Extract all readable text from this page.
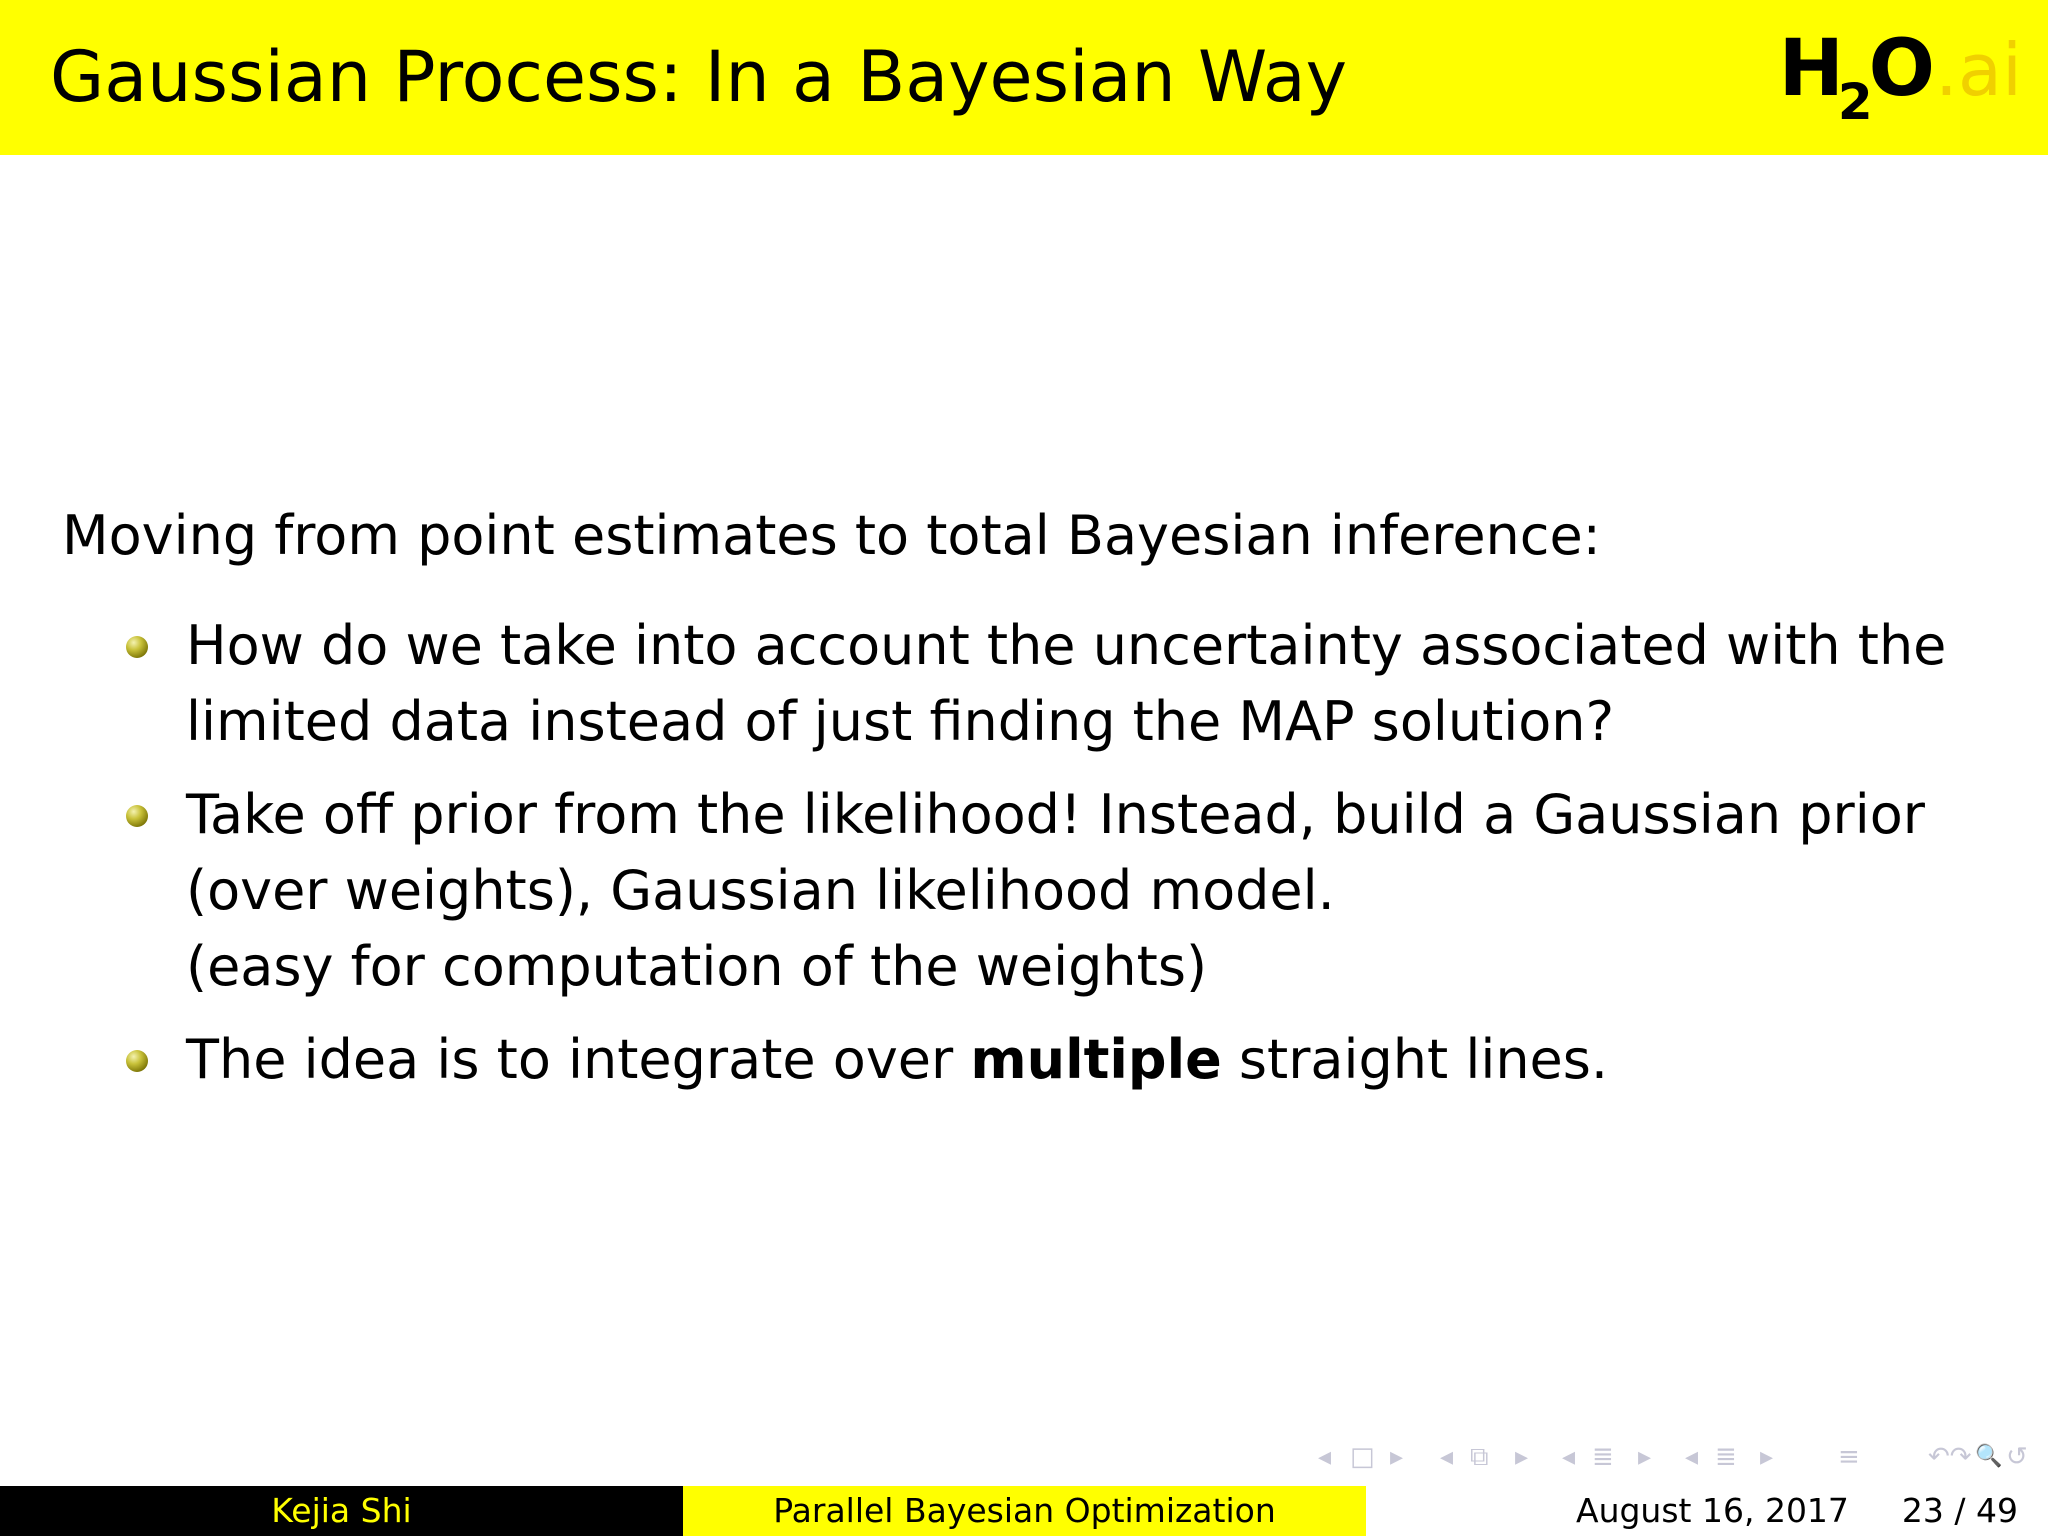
Gaussian Process: In a Bayesian Way	H2O.ai
Moving from point estimates to total Bayesian inference:
How do we take into account the uncertainty associated with the
limited data instead of just finding the MAP solution?
Take off prior from the likelihood! Instead, build a Gaussian prior
(over weights), Gaussian likelihood model.
(easy for computation of the weights)
The idea is to integrate over multiple straight lines.
◂ □ ▸ ◂ ⧉ ▸ ◂ ≣ ▸ ◂ ≣ ▸ ≡	↶↷ 🔍 ↺
Kejia Shi	Parallel Bayesian Optimization	August 16, 2017 23 / 49
